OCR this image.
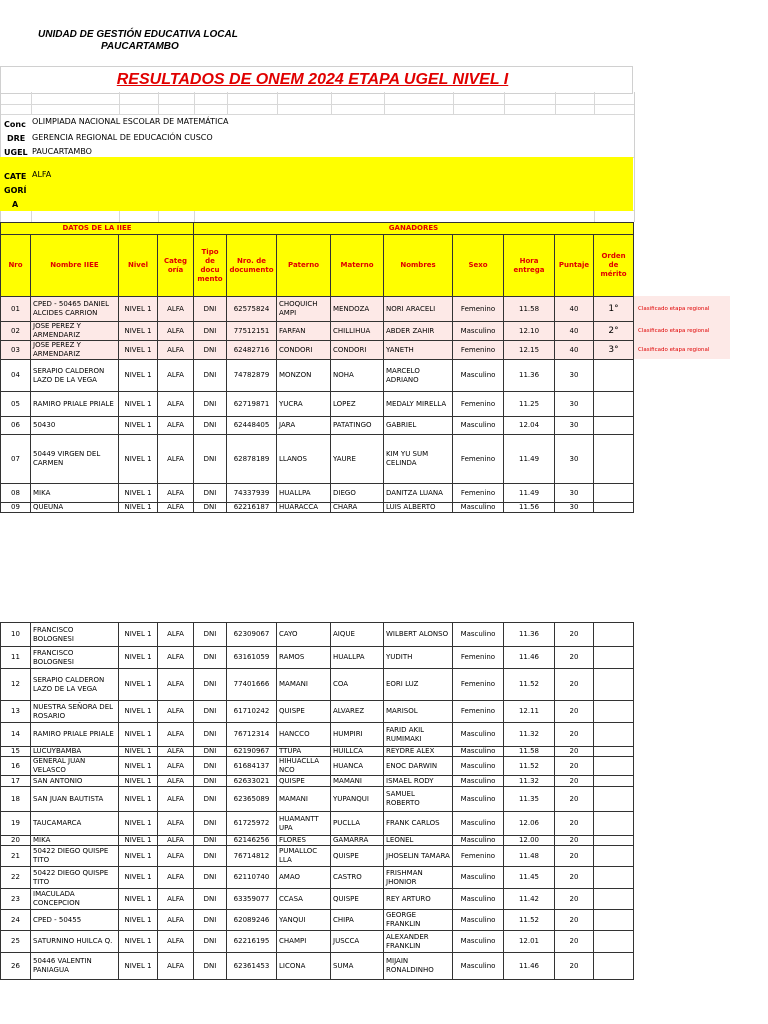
UNIDAD DE GESTIÓN EDUCATIVA LOCAL
PAUCARTAMBO
RESULTADOS DE ONEM 2024 ETAPA UGEL NIVEL I
Conc OLIMPIADA NACIONAL ESCOLAR DE MATEMÁTICA
DRE GERENCIA REGIONAL DE EDUCACIÓN CUSCO
UGEL PAUCARTAMBO
CATE
GORÍ
A
ALFA
DATOS DE LA IIEE				GANADORES								
Nro	Nombre IIEE	Nivel	Categ oría	Tipo de docu mento	Nro. de documento	Paterno	Materno	Nombres	Sexo	Hora entrega	Puntaje	Orden de mérito
01	CPED - 50465 DANIEL ALCIDES CARRION	NIVEL 1	ALFA	DNI	62575824	CHOQUICH AMPI	MENDOZA	NORI ARACELI	Femenino	11.58	40	1°
02	JOSE PEREZ Y ARMENDARIZ	NIVEL 1	ALFA	DNI	77512151	FARFAN	CHILLIHUA	ABDER ZAHIR	Masculino	12.10	40	2°
03	JOSE PEREZ Y ARMENDARIZ	NIVEL 1	ALFA	DNI	62482716	CONDORI	CONDORI	YANETH	Femenino	12.15	40	3°
04	SERAPIO CALDERON LAZO DE LA VEGA	NIVEL 1	ALFA	DNI	74782879	MONZON	NOHA	MARCELO ADRIANO	Masculino	11.36	30	
05	RAMIRO PRIALE PRIALE	NIVEL 1	ALFA	DNI	62719871	YUCRA	LOPEZ	MEDALY MIRELLA	Femenino	11.25	30	
06	50430	NIVEL 1	ALFA	DNI	62448405	JARA	PATATINGO	GABRIEL	Masculino	12.04	30	
07	50449 VIRGEN DEL CARMEN	NIVEL 1	ALFA	DNI	62878189	LLANOS	YAURE	KIM YU SUM CELINDA	Femenino	11.49	30	
08	MIKA	NIVEL 1	ALFA	DNI	74337939	HUALLPA	DIEGO	DANITZA LUANA	Femenino	11.49	30	
09	QUEUÑA	NIVEL 1	ALFA	DNI	62216187	HUARACCA	CHARA	LUIS ALBERTO	Masculino	11.56	30	
10	FRANCISCO BOLOGNESI	NIVEL 1	ALFA	DNI	62309067	CAYO	AIQUE	WILBERT ALONSO	Masculino	11.36	20	
11	FRANCISCO BOLOGNESI	NIVEL 1	ALFA	DNI	63161059	RAMOS	HUALLPA	YUDITH	Femenino	11.46	20	
12	SERAPIO CALDERON LAZO DE LA VEGA	NIVEL 1	ALFA	DNI	77401666	MAMANI	COA	EORI LUZ	Femenino	11.52	20	
13	NUESTRA SEÑORA DEL ROSARIO	NIVEL 1	ALFA	DNI	61710242	QUISPE	ALVAREZ	MARISOL	Femenino	12.11	20	
14	RAMIRO PRIALE PRIALE	NIVEL 1	ALFA	DNI	76712314	HANCCO	HUMPIRI	FARID AKIL RUMIMAKI	Masculino	11.32	20	
15	LUCUYBAMBA	NIVEL 1	ALFA	DNI	62190967	TTUPA	HUILLCA	REYDRE ALEX	Masculino	11.58	20	
16	GENERAL JUAN VELASCO	NIVEL 1	ALFA	DNI	61684137	HIHUACLLA NCO	HUANCA	ENOC DARWIN	Masculino	11.52	20	
17	SAN ANTONIO	NIVEL 1	ALFA	DNI	62633021	QUISPE	MAMANI	ISMAEL RODY	Masculino	11.32	20	
18	SAN JUAN BAUTISTA	NIVEL 1	ALFA	DNI	62365089	MAMANI	YUPANQUI	SAMUEL ROBERTO	Masculino	11.35	20	
19	TAUCAMARCA	NIVEL 1	ALFA	DNI	61725972	HUAMANTT UPA	PUCLLA	FRANK CARLOS	Masculino	12.06	20	
20	MIKA	NIVEL 1	ALFA	DNI	62146256	FLORES	GAMARRA	LEONEL	Masculino	12.00	20	
21	50422 DIEGO QUISPE TITO	NIVEL 1	ALFA	DNI	76714812	PUMALLOC LLA	QUISPE	JHOSELIN TAMARA	Femenino	11.48	20	
22	50422 DIEGO QUISPE TITO	NIVEL 1	ALFA	DNI	62110740	AMAO	CASTRO	FRISHMAN JHONIOR	Masculino	11.45	20	
23	IMACULADA CONCEPCION	NIVEL 1	ALFA	DNI	63359077	CCASA	QUISPE	REY ARTURO	Masculino	11.42	20	
24	CPED - 50455	NIVEL 1	ALFA	DNI	62089246	YANQUI	CHIPA	GEORGE FRANKLIN	Masculino	11.52	20	
25	SATURNINO HUILCA Q.	NIVEL 1	ALFA	DNI	62216195	CHAMPI	JUSCCA	ALEXANDER FRANKLIN	Masculino	12.01	20	
26	50446 VALENTIN PANIAGUA	NIVEL 1	ALFA	DNI	62361453	LICONA	SUMA	MIJAIN RONALDINHO	Masculino	11.46	20	
Clasificado etapa regional
Clasificado etapa regional
Clasificado etapa regional
